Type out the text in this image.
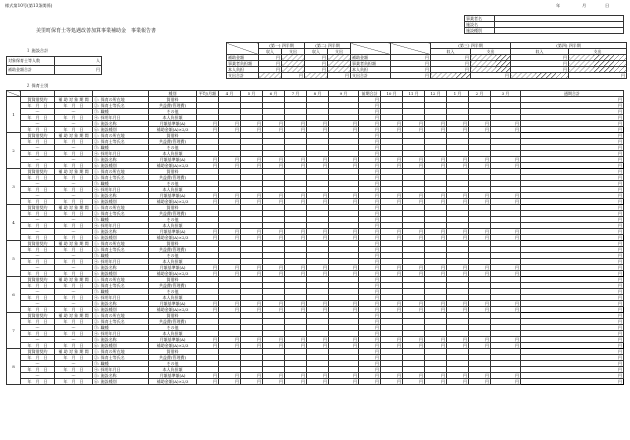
様式第10号(第13条関係)	年	月	日
事業者名	
施設名	
施設種別	
美里町保育士等処遇改善加算事業補助金　事業報告書
１ 施設合計
対象保育士等人数	人
補助金額合計	円
２ 保育士別
	(第一) 四半期		(第二) 四半期				(第三) 四半期		(第四) 四半期	
	収入	支出	収入	支出			収入	支出	収入	支出
補助金額	円		円		補助金額	円	円		円	
事業者負担額	円		円		事業者負担額	円	円		円	
本人負担	円		円		本人負担	円	円		円	
支出合計		円		円	支出合計	円		円		円
				種別	平均/月額	4 月	5 月	6 月	7 月	8 月	9 月	前期合計	10 月	11 月	12 月	1 月	2 月	3 月	通期合計
1	賃貸借契約	補 助 対 象 期 間	①: 保育の所在地	賃借料								円							円
	年　月　日	年　月　日	②: 保育士等氏名	共益費(管理費)								円							円
	〜	〜	③: 職種	その他								円							円
	年　月　日	年　月　日	④: 採用年月日	本人負担額								円							円
	〜	〜	⑤: 施設名称	月額基準額(A)	円	円	円	円	円	円	円	円	円	円	円	円	円	円	円
	年　月　日	年　月　日	⑥: 施設種別	補助金額(A)×2/3	円	円	円	円	円	円	円	円	円	円	円	円	円	円	円
2	賃貸借契約	補 助 対 象 期 間	①: 保育の所在地	賃借料								円							円
	年　月　日	年　月　日	②: 保育士等氏名	共益費(管理費)								円							円
	〜	〜	③: 職種	その他								円							円
	年　月　日	年　月　日	④: 採用年月日	本人負担額								円							円
	〜	〜	⑤: 施設名称	月額基準額(A)	円	円	円	円	円	円	円	円	円	円	円	円	円	円	円
	年　月　日	年　月　日	⑥: 施設種別	補助金額(A)×2/3	円	円	円	円	円	円	円	円	円	円	円	円	円	円	円
3	賃貸借契約	補 助 対 象 期 間	①: 保育の所在地	賃借料								円							円
	年　月　日	年　月　日	②: 保育士等氏名	共益費(管理費)								円							円
	〜	〜	③: 職種	その他								円							円
	年　月　日	年　月　日	④: 採用年月日	本人負担額								円							円
	〜	〜	⑤: 施設名称	月額基準額(A)	円	円	円	円	円	円	円	円	円	円	円	円	円	円	円
	年　月　日	年　月　日	⑥: 施設種別	補助金額(A)×2/3	円	円	円	円	円	円	円	円	円	円	円	円	円	円	円
4	賃貸借契約	補 助 対 象 期 間	①: 保育の所在地	賃借料								円							円
	年　月　日	年　月　日	②: 保育士等氏名	共益費(管理費)								円							円
	〜	〜	③: 職種	その他								円							円
	年　月　日	年　月　日	④: 採用年月日	本人負担額								円							円
	〜	〜	⑤: 施設名称	月額基準額(A)	円	円	円	円	円	円	円	円	円	円	円	円	円	円	円
	年　月　日	年　月　日	⑥: 施設種別	補助金額(A)×2/3	円	円	円	円	円	円	円	円	円	円	円	円	円	円	円
5	賃貸借契約	補 助 対 象 期 間	①: 保育の所在地	賃借料								円							円
	年　月　日	年　月　日	②: 保育士等氏名	共益費(管理費)								円							円
	〜	〜	③: 職種	その他								円							円
	年　月　日	年　月　日	④: 採用年月日	本人負担額								円							円
	〜	〜	⑤: 施設名称	月額基準額(A)	円	円	円	円	円	円	円	円	円	円	円	円	円	円	円
	年　月　日	年　月　日	⑥: 施設種別	補助金額(A)×2/3	円	円	円	円	円	円	円	円	円	円	円	円	円	円	円
6	賃貸借契約	補 助 対 象 期 間	①: 保育の所在地	賃借料								円							円
	年　月　日	年　月　日	②: 保育士等氏名	共益費(管理費)								円							円
	〜	〜	③: 職種	その他								円							円
	年　月　日	年　月　日	④: 採用年月日	本人負担額								円							円
	〜	〜	⑤: 施設名称	月額基準額(A)	円	円	円	円	円	円	円	円	円	円	円	円	円	円	円
	年　月　日	年　月　日	⑥: 施設種別	補助金額(A)×2/3	円	円	円	円	円	円	円	円	円	円	円	円	円	円	円
7	賃貸借契約	補 助 対 象 期 間	①: 保育の所在地	賃借料								円							円
	年　月　日	年　月　日	②: 保育士等氏名	共益費(管理費)								円							円
	〜	〜	③: 職種	その他								円							円
	年　月　日	年　月　日	④: 採用年月日	本人負担額								円							円
	〜	〜	⑤: 施設名称	月額基準額(A)	円	円	円	円	円	円	円	円	円	円	円	円	円	円	円
	年　月　日	年　月　日	⑥: 施設種別	補助金額(A)×2/3	円	円	円	円	円	円	円	円	円	円	円	円	円	円	円
8	賃貸借契約	補 助 対 象 期 間	①: 保育の所在地	賃借料								円							円
	年　月　日	年　月　日	②: 保育士等氏名	共益費(管理費)								円							円
	〜	〜	③: 職種	その他								円							円
	年　月　日	年　月　日	④: 採用年月日	本人負担額								円							円
	〜	〜	⑤: 施設名称	月額基準額(A)	円	円	円	円	円	円	円	円	円	円	円	円	円	円	円
	年　月　日	年　月　日	⑥: 施設種別	補助金額(A)×2/3	円	円	円	円	円	円	円	円	円	円	円	円	円	円	円
